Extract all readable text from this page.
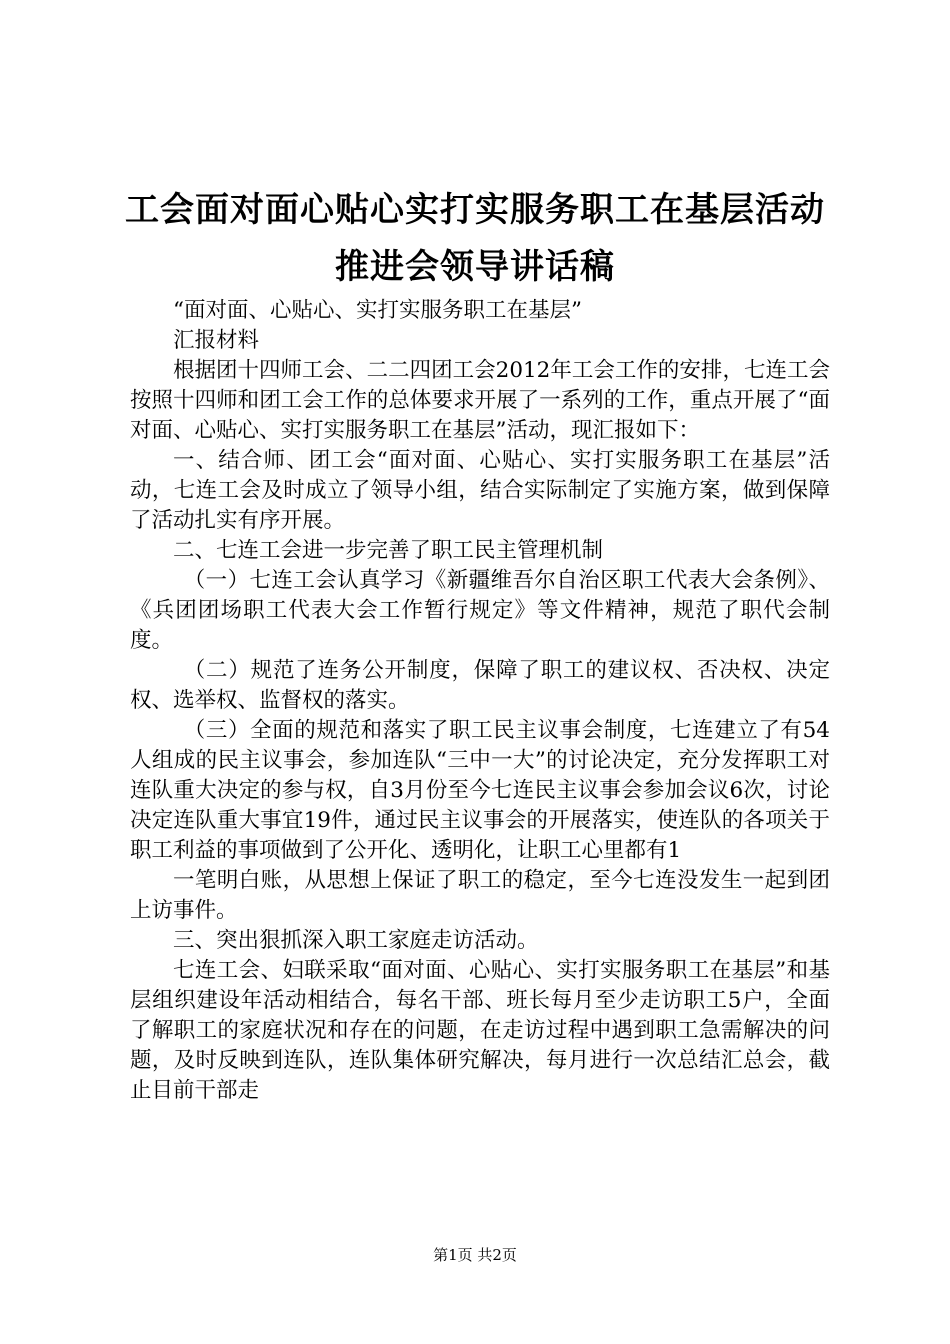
工会面对面心贴心实打实服务职工在基层活动
推进会领导讲话稿

“面对面、心贴心、实打实服务职工在基层”

汇报材料

根据团十四师工会、二二四团工会2012年工会工作的安排，七连工会按照十四师和团工会工作的总体要求开展了一系列的工作，重点开展了“面对面、心贴心、实打实服务职工在基层”活动，现汇报如下：

一、结合师、团工会“面对面、心贴心、实打实服务职工在基层”活动，七连工会及时成立了领导小组，结合实际制定了实施方案，做到保障了活动扎实有序开展。

二、七连工会进一步完善了职工民主管理机制

（一）七连工会认真学习《新疆维吾尔自治区职工代表大会条例》、《兵团团场职工代表大会工作暂行规定》等文件精神，规范了职代会制度。

（二）规范了连务公开制度，保障了职工的建议权、否决权、决定权、选举权、监督权的落实。

（三）全面的规范和落实了职工民主议事会制度，七连建立了有54人组成的民主议事会，参加连队“三中一大”的讨论决定，充分发挥职工对连队重大决定的参与权，自3月份至今七连民主议事会参加会议6次，讨论决定连队重大事宜19件，通过民主议事会的开展落实，使连队的各项关于职工利益的事项做到了公开化、透明化，让职工心里都有1

一笔明白账，从思想上保证了职工的稳定，至今七连没发生一起到团上访事件。

三、突出狠抓深入职工家庭走访活动。

七连工会、妇联采取“面对面、心贴心、实打实服务职工在基层”和基层组织建设年活动相结合，每名干部、班长每月至少走访职工5户，全面了解职工的家庭状况和存在的问题，在走访过程中遇到职工急需解决的问题，及时反映到连队，连队集体研究解决，每月进行一次总结汇总会，截止目前干部走

第1页 共2页
